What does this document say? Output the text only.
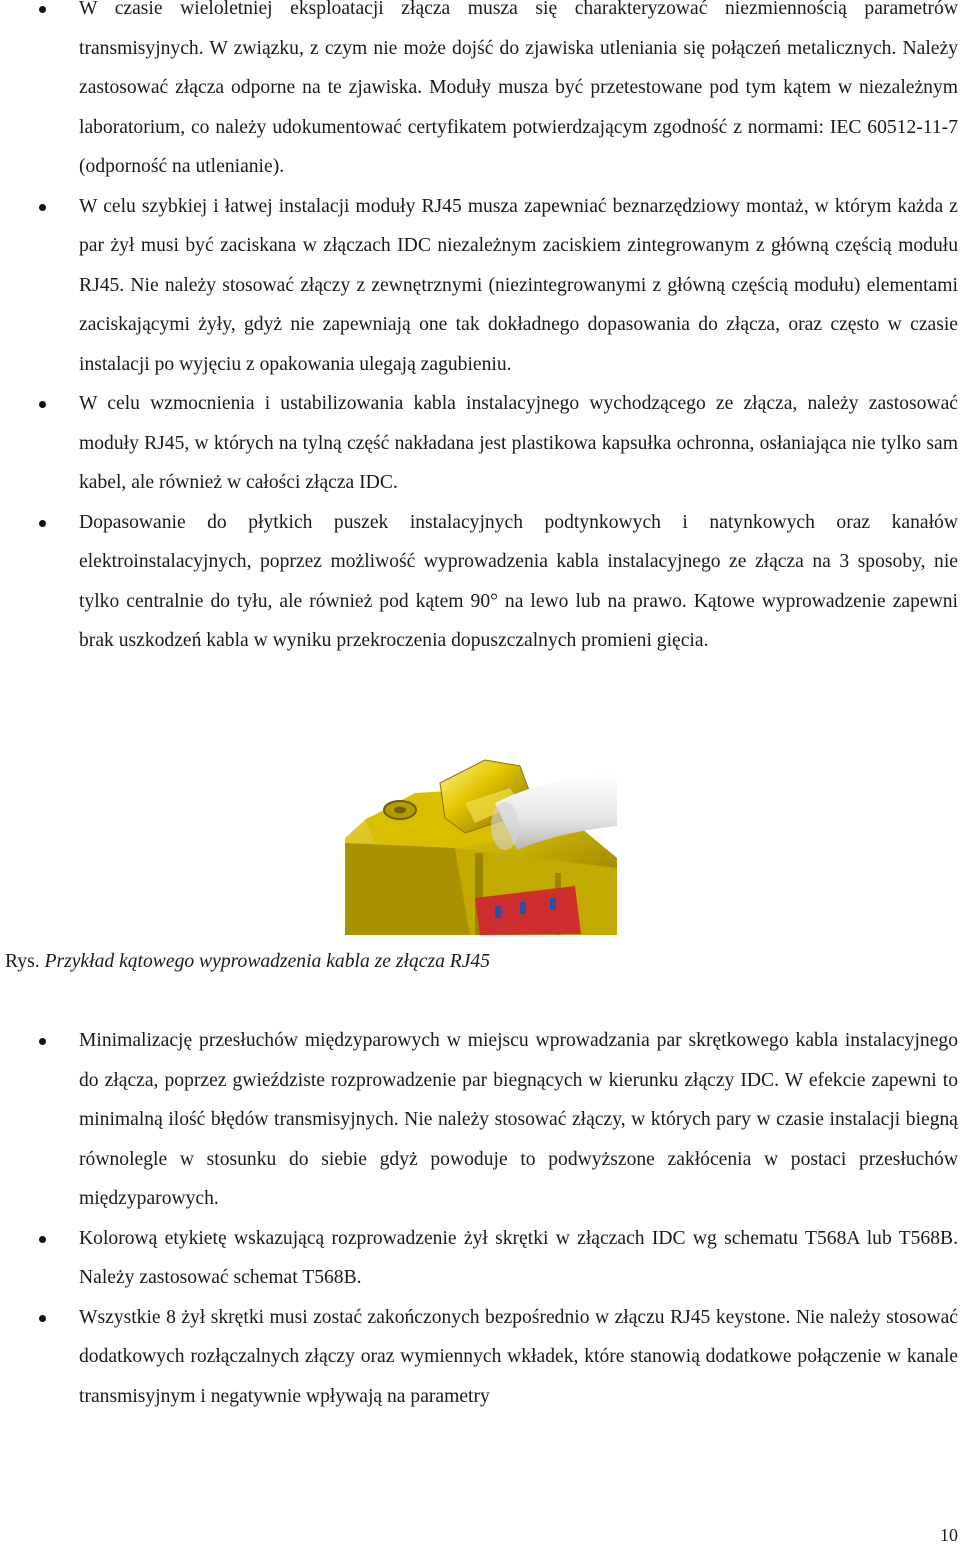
W czasie wieloletniej eksploatacji złącza musza się charakteryzować niezmiennością parametrów transmisyjnych. W związku, z czym nie może dojść do zjawiska utleniania się połączeń metalicznych. Należy zastosować złącza odporne na te zjawiska. Moduły musza być przetestowane pod tym kątem w niezależnym laboratorium, co należy udokumentować certyfikatem potwierdzającym zgodność z normami: IEC 60512-11-7 (odporność na utlenianie).
W celu szybkiej i łatwej instalacji moduły RJ45 musza zapewniać beznarzędziowy montaż, w którym każda z par żył musi być zaciskana w złączach IDC niezależnym zaciskiem zintegrowanym z główną częścią modułu RJ45. Nie należy stosować złączy z zewnętrznymi (niezintegrowanymi z główną częścią modułu) elementami zaciskającymi żyły, gdyż nie zapewniają one tak dokładnego dopasowania do złącza, oraz często w czasie instalacji po wyjęciu z opakowania ulegają zagubieniu.
W celu wzmocnienia i ustabilizowania kabla instalacyjnego wychodzącego ze złącza, należy zastosować moduły RJ45, w których na tylną część nakładana jest plastikowa kapsułka ochronna, osłaniająca nie tylko sam kabel, ale również w całości złącza IDC.
Dopasowanie do płytkich puszek instalacyjnych podtynkowych i natynkowych oraz kanałów elektroinstalacyjnych, poprzez możliwość wyprowadzenia kabla instalacyjnego ze złącza na 3 sposoby, nie tylko centralnie do tyłu, ale również pod kątem 90° na lewo lub na prawo. Kątowe wyprowadzenie zapewni brak uszkodzeń kabla w wyniku przekroczenia dopuszczalnych promieni gięcia.
Rys. Przykład kątowego wyprowadzenia kabla ze złącza RJ45
Minimalizację przesłuchów międzyparowych w miejscu wprowadzania par skrętkowego kabla instalacyjnego do złącza, poprzez gwieździste rozprowadzenie par biegnących w kierunku złączy IDC. W efekcie zapewni to minimalną ilość błędów transmisyjnych. Nie należy stosować złączy, w których pary w czasie instalacji biegną równolegle w stosunku do siebie gdyż powoduje to podwyższone zakłócenia w postaci przesłuchów międzyparowych.
Kolorową etykietę wskazującą rozprowadzenie żył skrętki w złączach IDC wg schematu T568A lub T568B. Należy zastosować schemat T568B.
Wszystkie 8 żył skrętki musi zostać zakończonych bezpośrednio w złączu RJ45 keystone. Nie należy stosować dodatkowych rozłączalnych złączy oraz wymiennych wkładek, które stanowią dodatkowe połączenie w kanale transmisyjnym i negatywnie wpływają na parametry
10
